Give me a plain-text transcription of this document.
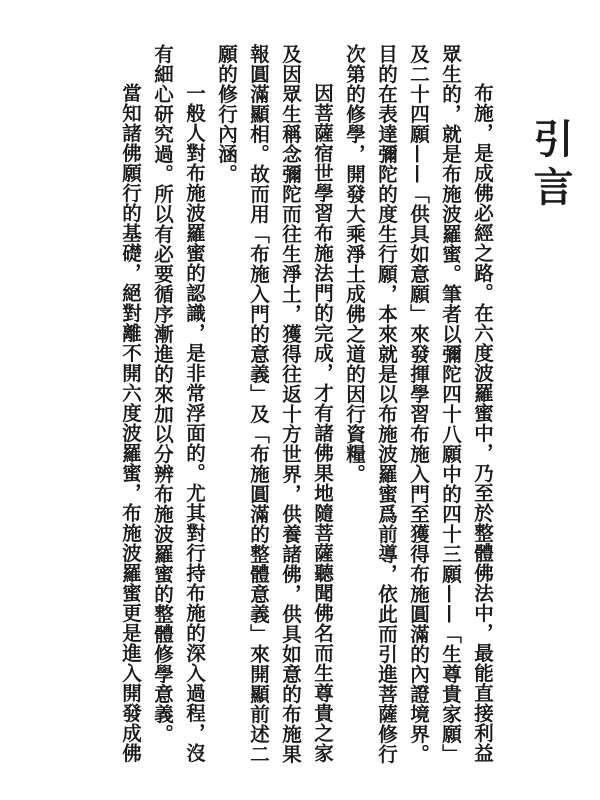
引言

布施，是成佛必經之路。在六度波羅蜜中，乃至於整體佛法中，最能直接利益眾生的，就是布施波羅蜜。筆者以彌陀四十八願中的四十三願——「生尊貴家願」及二十四願——「供具如意願」來發揮學習布施入門至獲得布施圓滿的內證境界。目的在表達彌陀的度生行願，本來就是以布施波羅蜜爲前導，依此而引進菩薩修行次第的修學，開發大乘淨土成佛之道的因行資糧。

因菩薩宿世學習布施法門的完成，才有諸佛果地隨菩薩聽聞佛名而生尊貴之家及因眾生稱念彌陀而往生淨土，獲得往返十方世界，供養諸佛，供具如意的布施果報圓滿顯相。故而用「布施入門的意義」及「布施圓滿的整體意義」來開顯前述二願的修行內涵。

一般人對布施波羅蜜的認識，是非常浮面的。尤其對行持布施的深入過程，沒有細心研究過。所以有必要循序漸進的來加以分辨布施波羅蜜的整體修學意義。

當知諸佛願行的基礎，絕對離不開六度波羅蜜，布施波羅蜜更是進入開發成佛
